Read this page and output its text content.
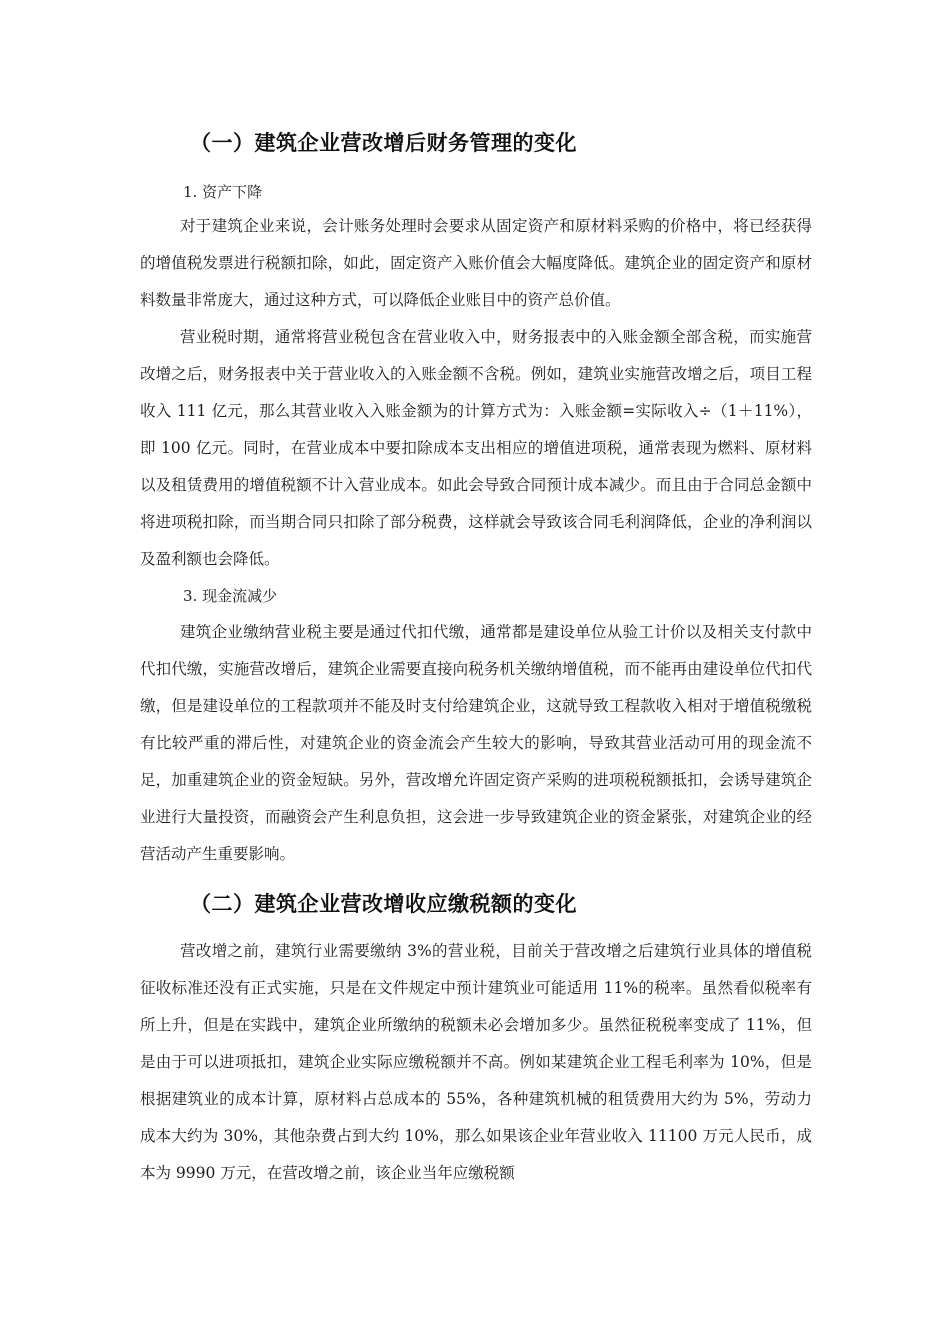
（一）建筑企业营改增后财务管理的变化
1. 资产下降
对于建筑企业来说，会计账务处理时会要求从固定资产和原材料采购的价格中，将已经获得的增值税发票进行税额扣除，如此，固定资产入账价值会大幅度降低。建筑企业的固定资产和原材料数量非常庞大，通过这种方式，可以降低企业账目中的资产总价值。
营业税时期，通常将营业税包含在营业收入中，财务报表中的入账金额全部含税，而实施营改增之后，财务报表中关于营业收入的入账金额不含税。例如，建筑业实施营改增之后，项目工程收入 111 亿元，那么其营业收入入账金额为的计算方式为：入账金额=实际收入÷（1＋11%），即 100 亿元。同时，在营业成本中要扣除成本支出相应的增值进项税，通常表现为燃料、原材料以及租赁费用的增值税额不计入营业成本。如此会导致合同预计成本减少。而且由于合同总金额中将进项税扣除，而当期合同只扣除了部分税费，这样就会导致该合同毛利润降低，企业的净利润以及盈利额也会降低。
3. 现金流减少
建筑企业缴纳营业税主要是通过代扣代缴，通常都是建设单位从验工计价以及相关支付款中代扣代缴，实施营改增后，建筑企业需要直接向税务机关缴纳增值税，而不能再由建设单位代扣代缴，但是建设单位的工程款项并不能及时支付给建筑企业，这就导致工程款收入相对于增值税缴税有比较严重的滞后性，对建筑企业的资金流会产生较大的影响，导致其营业活动可用的现金流不足，加重建筑企业的资金短缺。另外，营改增允许固定资产采购的进项税税额抵扣，会诱导建筑企业进行大量投资，而融资会产生利息负担，这会进一步导致建筑企业的资金紧张，对建筑企业的经营活动产生重要影响。
（二）建筑企业营改增收应缴税额的变化
营改增之前，建筑行业需要缴纳 3%的营业税，目前关于营改增之后建筑行业具体的增值税征收标准还没有正式实施，只是在文件规定中预计建筑业可能适用 11%的税率。虽然看似税率有所上升，但是在实践中，建筑企业所缴纳的税额未必会增加多少。虽然征税税率变成了 11%，但是由于可以进项抵扣，建筑企业实际应缴税额并不高。例如某建筑企业工程毛利率为 10%，但是根据建筑业的成本计算，原材料占总成本的 55%，各种建筑机械的租赁费用大约为 5%，劳动力成本大约为 30%，其他杂费占到大约 10%，那么如果该企业年营业收入 11100 万元人民币，成本为 9990 万元，在营改增之前，该企业当年应缴税额
